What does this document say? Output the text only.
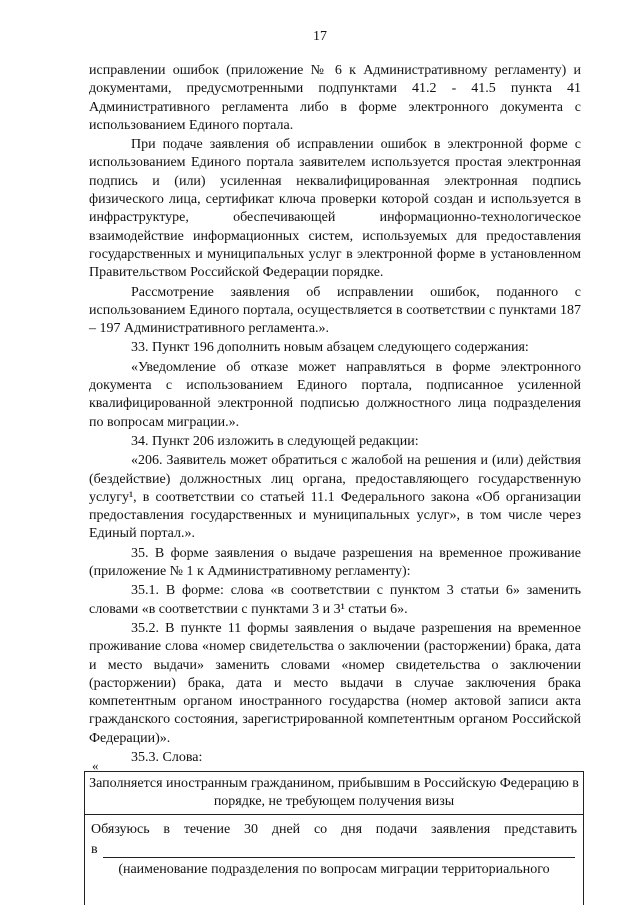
17

исправлении ошибок (приложение № 6 к Административному регламенту) и документами, предусмотренными подпунктами 41.2 - 41.5 пункта 41 Административного регламента либо в форме электронного документа с использованием Единого портала.

При подаче заявления об исправлении ошибок в электронной форме с использованием Единого портала заявителем используется простая электронная подпись и (или) усиленная неквалифицированная электронная подпись физического лица, сертификат ключа проверки которой создан и используется в инфраструктуре, обеспечивающей информационно-технологическое взаимодействие информационных систем, используемых для предоставления государственных и муниципальных услуг в электронной форме в установленном Правительством Российской Федерации порядке.

Рассмотрение заявления об исправлении ошибок, поданного с использованием Единого портала, осуществляется в соответствии с пунктами 187 – 197 Административного регламента.».

33. Пункт 196 дополнить новым абзацем следующего содержания:

«Уведомление об отказе может направляться в форме электронного документа с использованием Единого портала, подписанное усиленной квалифицированной электронной подписью должностного лица подразделения по вопросам миграции.».

34. Пункт 206 изложить в следующей редакции:

«206. Заявитель может обратиться с жалобой на решения и (или) действия (бездействие) должностных лиц органа, предоставляющего государственную услугу¹, в соответствии со статьей 11.1 Федерального закона «Об организации предоставления государственных и муниципальных услуг», в том числе через Единый портал.».

35. В форме заявления о выдаче разрешения на временное проживание (приложение № 1 к Административному регламенту):

35.1. В форме: слова «в соответствии с пунктом 3 статьи 6» заменить словами «в соответствии с пунктами 3 и 3¹ статьи 6».

35.2. В пункте 11 формы заявления о выдаче разрешения на временное проживание слова «номер свидетельства о заключении (расторжении) брака, дата и место выдачи» заменить словами «номер свидетельства о заключении (расторжении) брака, дата и место выдачи в случае заключения брака компетентным органом иностранного государства (номер актовой записи акта гражданского состояния, зарегистрированной компетентным органом Российской Федерации)».

35.3. Слова:

«
Заполняется иностранным гражданином, прибывшим в Российскую Федерацию в порядке, не требующем получения визы
Обязуюсь в течение 30 дней со дня подачи заявления представить
в
(наименование подразделения по вопросам миграции территориального
